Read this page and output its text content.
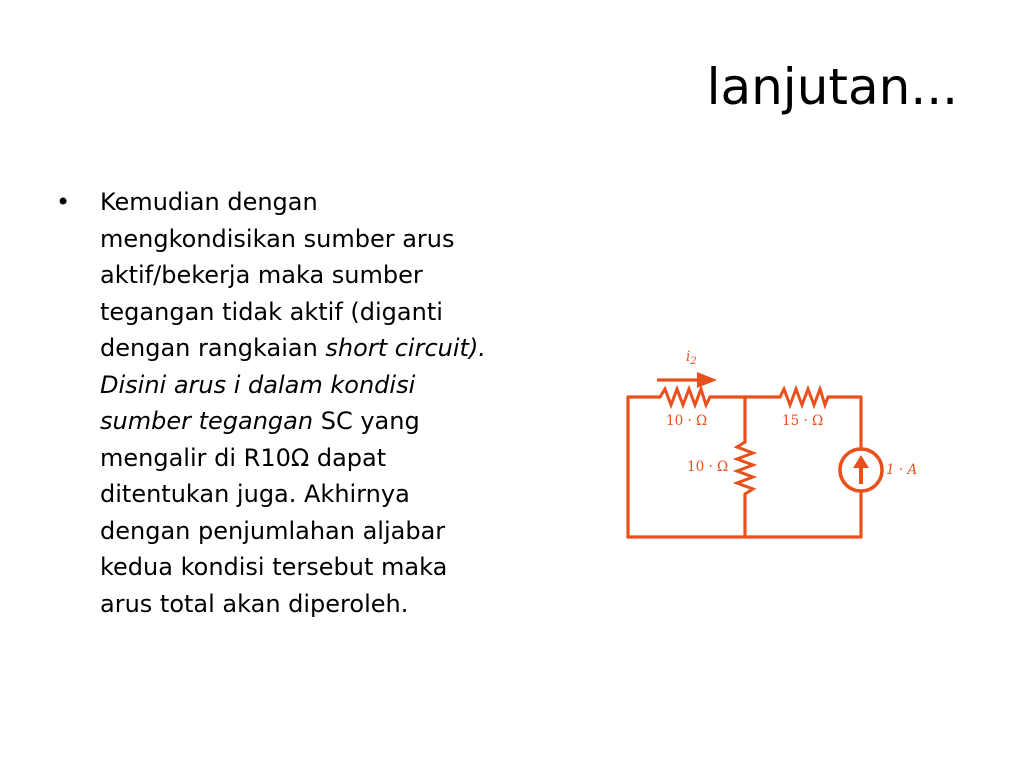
lanjutan...
•	Kemudian dengan mengkondisikan sumber arus aktif/bekerja maka sumber tegangan tidak aktif (diganti dengan rangkaian short circuit). Disini arus i dalam kondisi sumber tegangan SC yang mengalir di R10Ω dapat ditentukan juga. Akhirnya dengan penjumlahan aljabar kedua kondisi tersebut maka arus total akan diperoleh.
$i_2$
10 · Ω	15 · Ω
10 · Ω	1 · A
